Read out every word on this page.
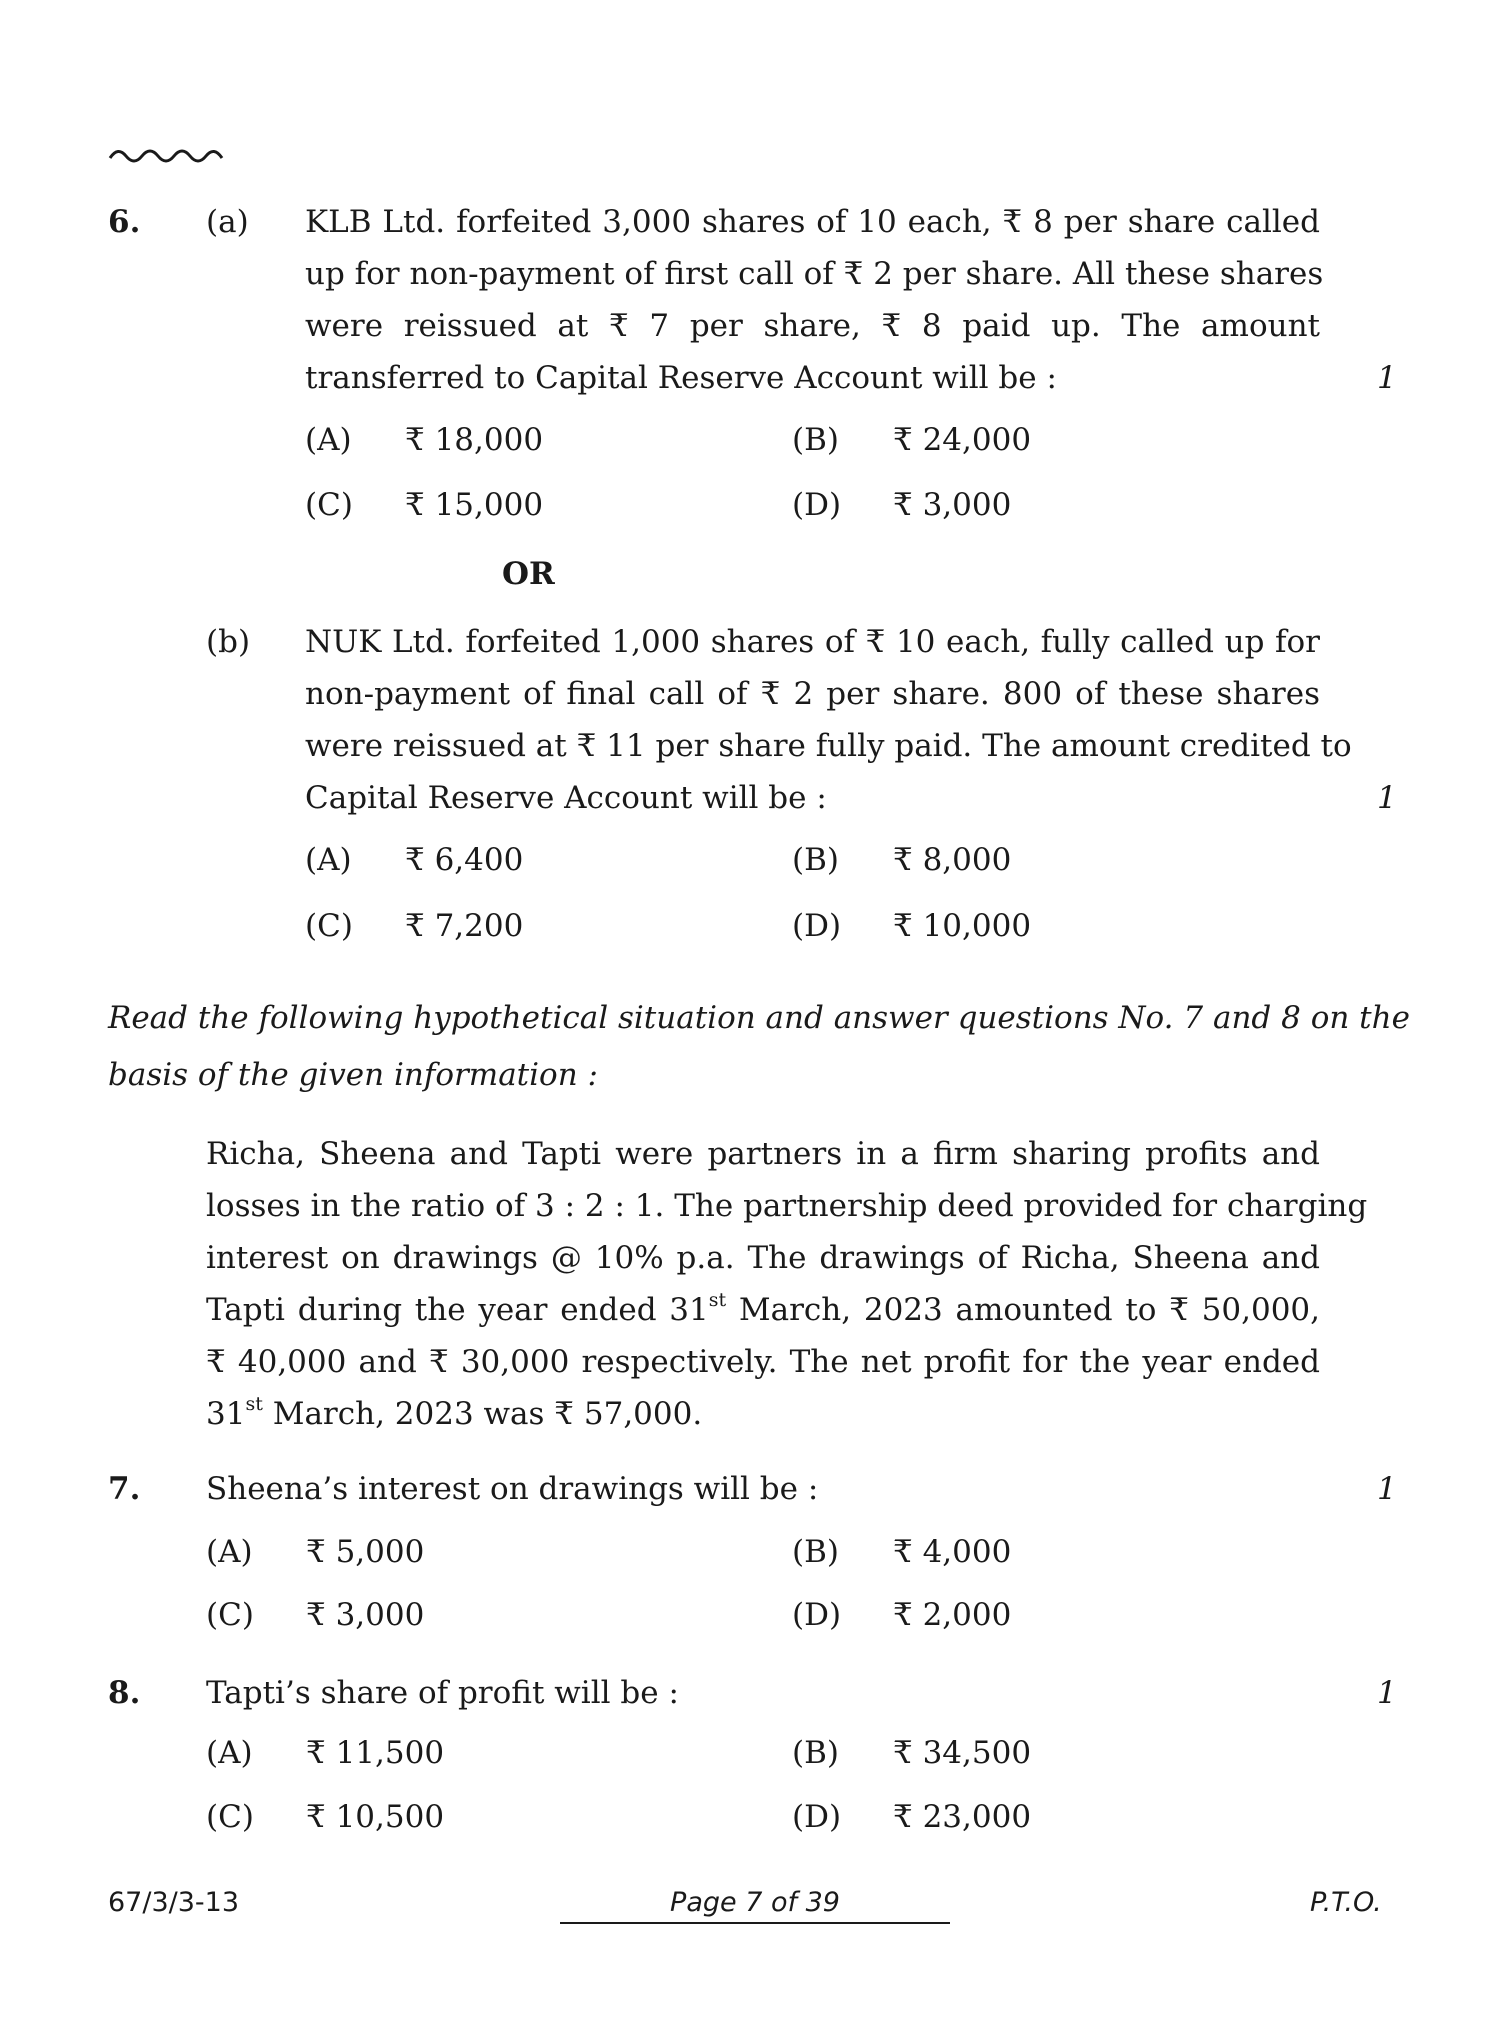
6. (a) KLB Ltd. forfeited 3,000 shares of 10 each, ₹ 8 per share called
up for non-payment of first call of ₹ 2 per share. All these shares
were reissued at ₹ 7 per share, ₹ 8 paid up. The amount
transferred to Capital Reserve Account will be :	1
(A) ₹ 18,000	(B) ₹ 24,000
(C) ₹ 15,000	(D) ₹ 3,000
OR
(b) NUK Ltd. forfeited 1,000 shares of ₹ 10 each, fully called up for
non-payment of final call of ₹ 2 per share. 800 of these shares
were reissued at ₹ 11 per share fully paid. The amount credited to
Capital Reserve Account will be :	1
(A) ₹ 6,400	(B) ₹ 8,000
(C) ₹ 7,200	(D) ₹ 10,000
Read the following hypothetical situation and answer questions No. 7 and 8 on the
basis of the given information :
Richa, Sheena and Tapti were partners in a firm sharing profits and
losses in the ratio of 3 : 2 : 1. The partnership deed provided for charging
interest on drawings @ 10% p.a. The drawings of Richa, Sheena and
Tapti during the year ended 31st March, 2023 amounted to ₹ 50,000,
₹ 40,000 and ₹ 30,000 respectively. The net profit for the year ended
31st March, 2023 was ₹ 57,000.
7. Sheena’s interest on drawings will be :	1
(A) ₹ 5,000	(B) ₹ 4,000
(C) ₹ 3,000	(D) ₹ 2,000
8. Tapti’s share of profit will be :	1
(A) ₹ 11,500	(B) ₹ 34,500
(C) ₹ 10,500	(D) ₹ 23,000
67/3/3-13	Page 7 of 39	P.T.O.
